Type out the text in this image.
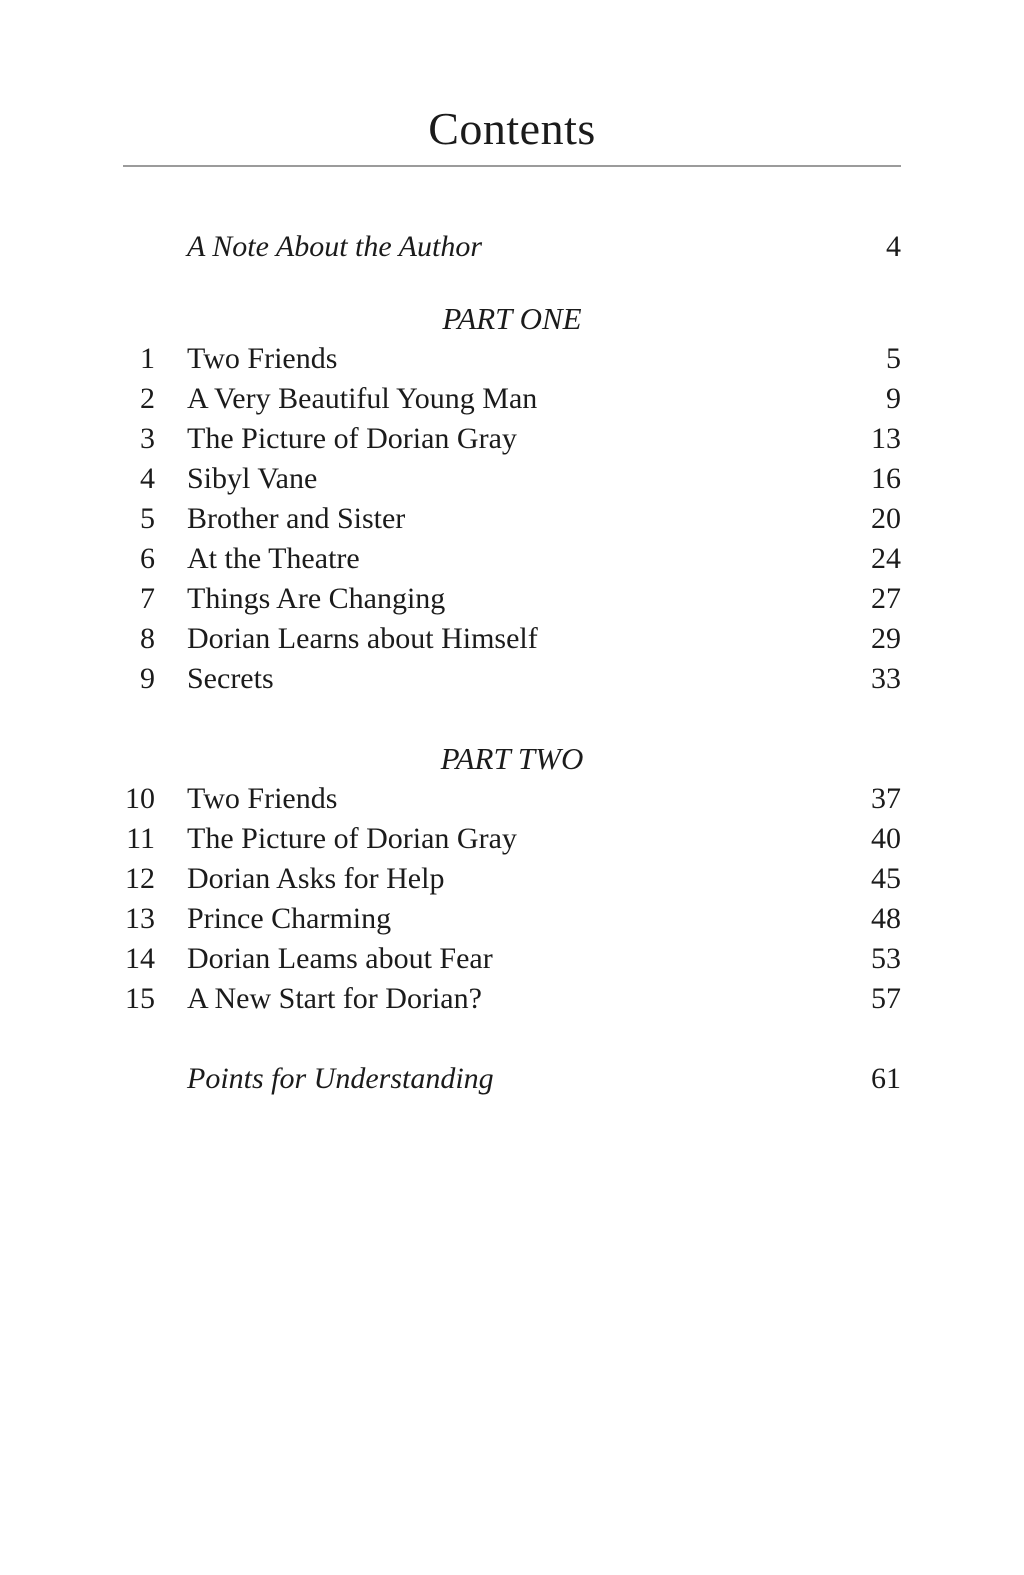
Contents
A Note About the Author	4
PART ONE
1 Two Friends	5
2 A Very Beautiful Young Man	9
3 The Picture of Dorian Gray	13
4 Sibyl Vane	16
5 Brother and Sister	20
6 At the Theatre	24
7 Things Are Changing	27
8 Dorian Learns about Himself	29
9 Secrets	33
PART TWO
10 Two Friends	37
11 The Picture of Dorian Gray	40
12 Dorian Asks for Help	45
13 Prince Charming	48
14 Dorian Leams about Fear	53
15 A New Start for Dorian?	57
Points for Understanding	61
